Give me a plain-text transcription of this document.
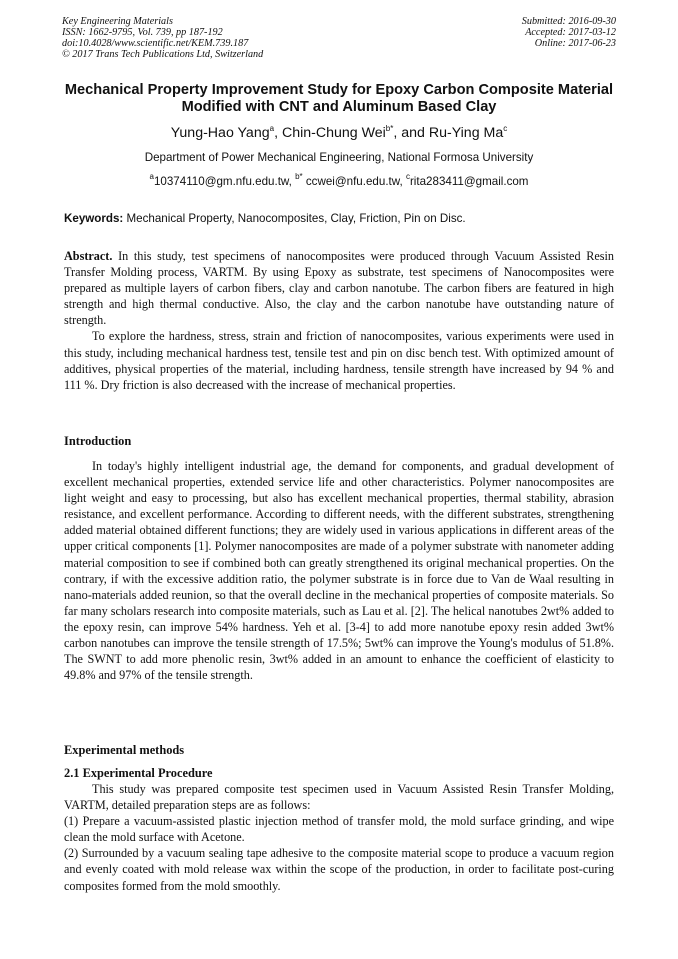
Key Engineering Materials
ISSN: 1662-9795, Vol. 739, pp 187-192
doi:10.4028/www.scientific.net/KEM.739.187
© 2017 Trans Tech Publications Ltd, Switzerland
Submitted: 2016-09-30
Accepted: 2017-03-12
Online: 2017-06-23
Mechanical Property Improvement Study for Epoxy Carbon Composite Material Modified with CNT and Aluminum Based Clay
Yung-Hao Yang$^a$, Chin-Chung Wei$^{b*}$, and Ru-Ying Ma$^c$
Department of Power Mechanical Engineering, National Formosa University
$^a$10374110@gm.nfu.edu.tw, $^{b*}$ ccwei@nfu.edu.tw, $^c$rita283411@gmail.com
Keywords: Mechanical Property, Nanocomposites, Clay, Friction, Pin on Disc.

Abstract. In this study, test specimens of nanocomposites were produced through Vacuum Assisted Resin Transfer Molding process, VARTM. By using Epoxy as substrate, test specimens of Nanocomposites were prepared as multiple layers of carbon fibers, clay and carbon nanotube. The carbon fibers are featured in high strength and high thermal conductive. Also, the clay and the carbon nanotube have outstanding nature of strength.

To explore the hardness, stress, strain and friction of nanocomposites, various experiments were used in this study, including mechanical hardness test, tensile test and pin on disc bench test. With optimized amount of additives, physical properties of the material, including hardness, tensile strength have increased by 94 % and 111 %. Dry friction is also decreased with the increase of mechanical properties.

Introduction

In today's highly intelligent industrial age, the demand for components, and gradual development of excellent mechanical properties, extended service life and other characteristics. Polymer nanocomposites are light weight and easy to processing, but also has excellent mechanical properties, thermal stability, abrasion resistance, and excellent performance. According to different needs, with the different substrates, strengthening added material obtained different functions; they are widely used in various applications in different areas of the upper critical components [1]. Polymer nanocomposites are made of a polymer substrate with nanometer adding material composition to see if combined both can greatly strengthened its original mechanical properties. On the contrary, if with the excessive addition ratio, the polymer substrate is in force due to Van de Waal resulting in nano-materials added reunion, so that the overall decline in the mechanical properties of composite materials. So far many scholars research into composite materials, such as Lau et al. [2]. The helical nanotubes 2wt% added to the epoxy resin, can improve 54% hardness. Yeh et al. [3-4] to add more nanotube epoxy resin added 3wt% carbon nanotubes can improve the tensile strength of 17.5%; 5wt% can improve the Young's modulus of 51.8%. The SWNT to add more phenolic resin, 3wt% added in an amount to enhance the coefficient of elasticity to 49.8% and 97% of the tensile strength.

Experimental methods
2.1 Experimental Procedure

This study was prepared composite test specimen used in Vacuum Assisted Resin Transfer Molding, VARTM, detailed preparation steps are as follows:

(1) Prepare a vacuum-assisted plastic injection method of transfer mold, the mold surface grinding, and wipe clean the mold surface with Acetone.

(2) Surrounded by a vacuum sealing tape adhesive to the composite material scope to produce a vacuum region and evenly coated with mold release wax within the scope of the production, in order to facilitate post-curing composites formed from the mold smoothly.
